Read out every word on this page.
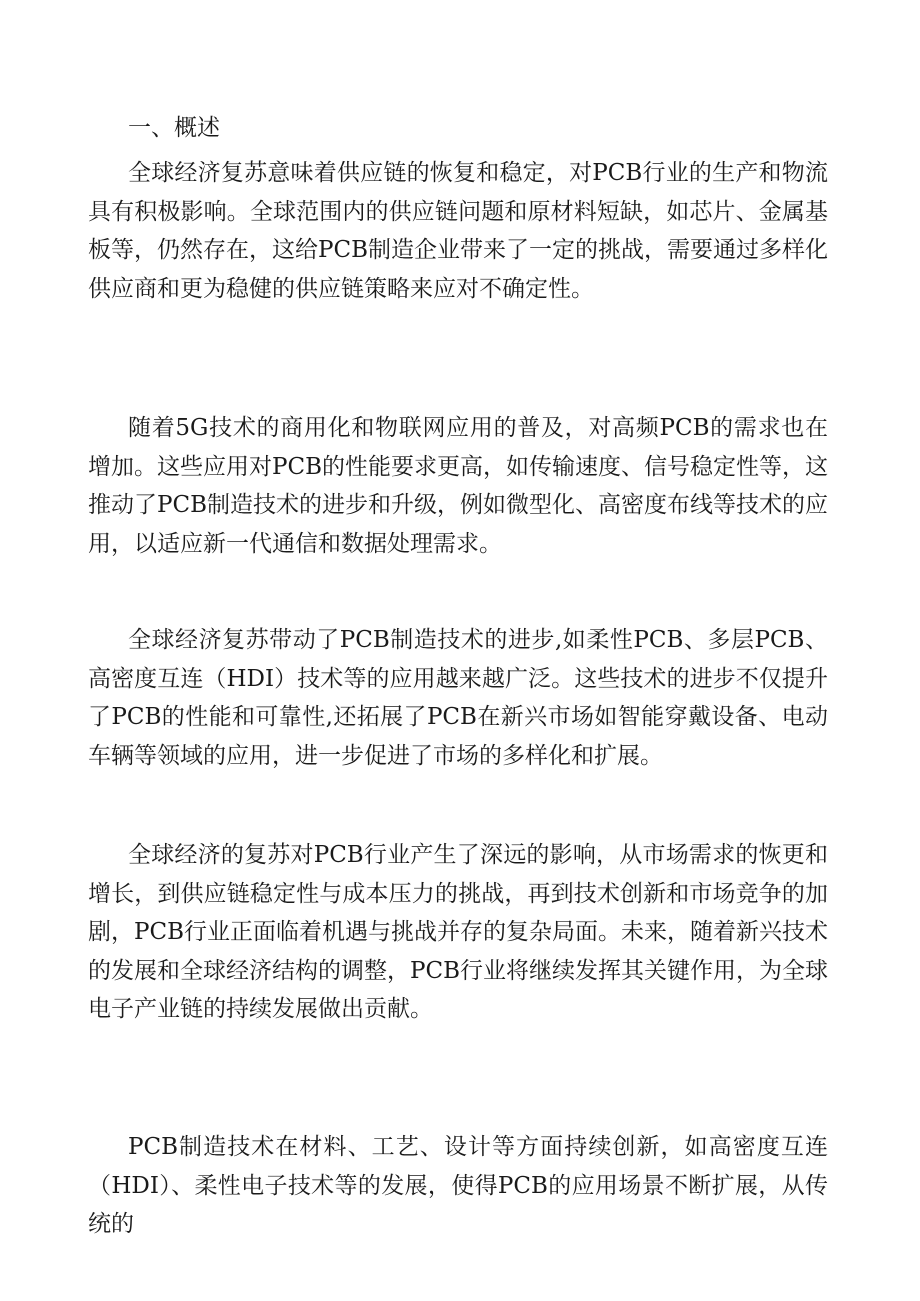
一、概述

全球经济复苏意味着供应链的恢复和稳定，对PCB行业的生产和物流具有积极影响。全球范围内的供应链问题和原材料短缺，如芯片、金属基板等，仍然存在，这给PCB制造企业带来了一定的挑战，需要通过多样化供应商和更为稳健的供应链策略来应对不确定性。

随着5G技术的商用化和物联网应用的普及，对高频PCB的需求也在增加。这些应用对PCB的性能要求更高，如传输速度、信号稳定性等，这推动了PCB制造技术的进步和升级，例如微型化、高密度布线等技术的应用，以适应新一代通信和数据处理需求。

全球经济复苏带动了PCB制造技术的进步,如柔性PCB、多层PCB、高密度互连（HDI）技术等的应用越来越广泛。这些技术的进步不仅提升了PCB的性能和可靠性,还拓展了PCB在新兴市场如智能穿戴设备、电动车辆等领域的应用，进一步促进了市场的多样化和扩展。

全球经济的复苏对PCB行业产生了深远的影响，从市场需求的恢更和增长，到供应链稳定性与成本压力的挑战，再到技术创新和市场竞争的加剧，PCB行业正面临着机遇与挑战并存的复杂局面。未来，随着新兴技术的发展和全球经济结构的调整，PCB行业将继续发挥其关键作用，为全球电子产业链的持续发展做出贡献。

PCB制造技术在材料、工艺、设计等方面持续创新，如高密度互连（HDI）、柔性电子技术等的发展，使得PCB的应用场景不断扩展，从传统的
